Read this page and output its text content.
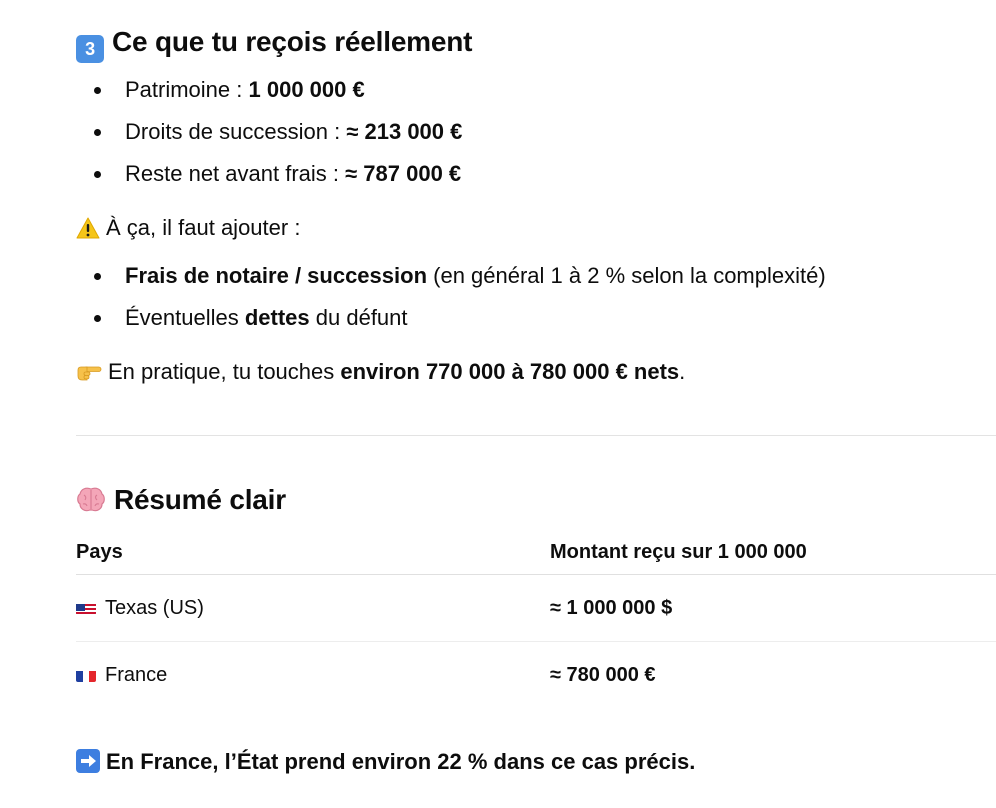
3 Ce que tu reçois réellement
Patrimoine : 1 000 000 €
Droits de succession : ≈ 213 000 €
Reste net avant frais : ≈ 787 000 €
À ça, il faut ajouter :
Frais de notaire / succession (en général 1 à 2 % selon la complexité)
Éventuelles dettes du défunt
En pratique, tu touches environ 770 000 à 780 000 € nets.
Résumé clair
Pays	Montant reçu sur 1 000 000
Texas (US)	≈ 1 000 000 $
France	≈ 780 000 €
En France, l’État prend environ 22 % dans ce cas précis.
